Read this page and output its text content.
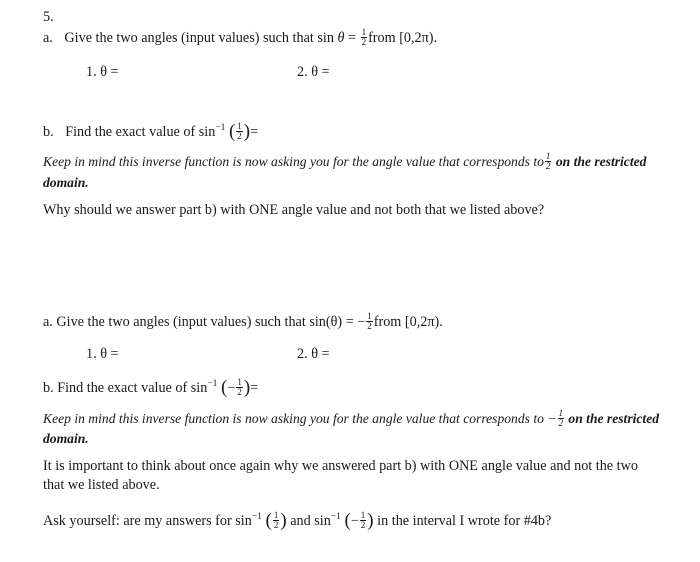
5.
a. Give the two angles (input values) such that $\sin \theta = \frac{1}{2}$ from [0,2π).
1. θ =	2. θ =
b. Find the exact value of $\sin^{-1}$ ( $\frac{1}{2}$ )=
Keep in mind this inverse function is now asking you for the angle value that corresponds to $\frac{1}{2}$ on the restricted
domain.
Why should we answer part b) with ONE angle value and not both that we listed above?
a. Give the two angles (input values) such that sin(θ) = − $\frac{1}{2}$ from [0,2π).
1. θ =	2. θ =
b. Find the exact value of $\sin^{-1}$ (− $\frac{1}{2}$ )=
Keep in mind this inverse function is now asking you for the angle value that corresponds to − $\frac{1}{2}$ on the restricted
domain.
It is important to think about once again why we answered part b) with ONE angle value and not the two
that we listed above.
Ask yourself: are my answers for $\sin^{-1}$ ( $\frac{1}{2}$ ) and $\sin^{-1}$ (− $\frac{1}{2}$ ) in the interval I wrote for #4b?
